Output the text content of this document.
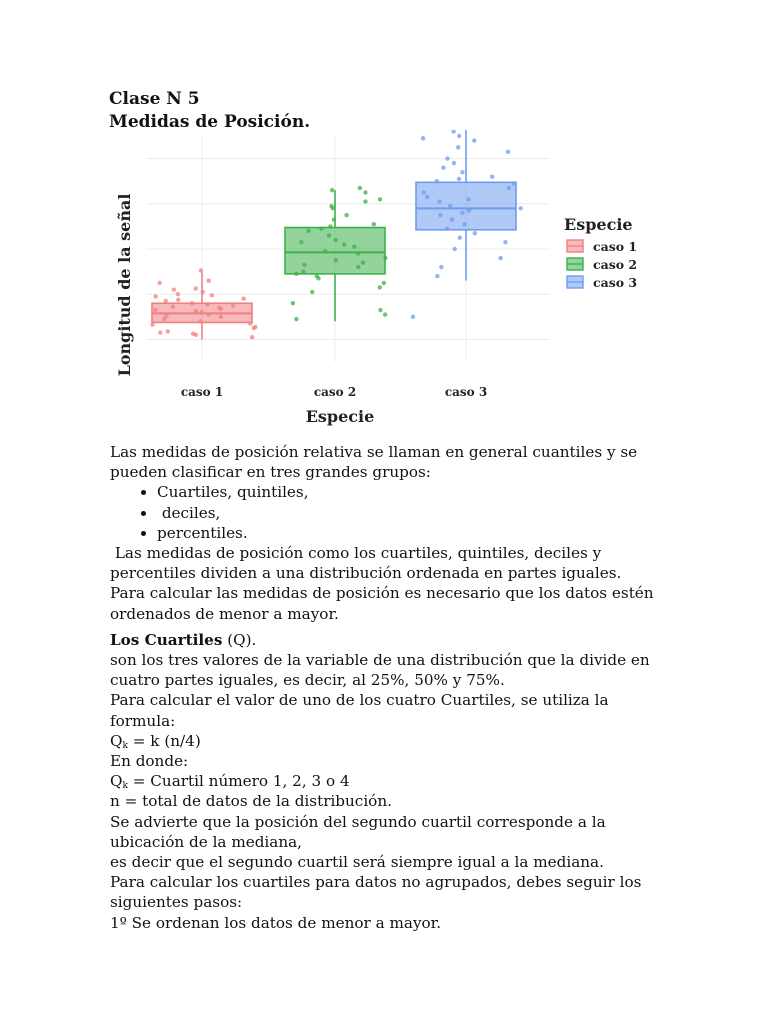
Clase N 5

Medidas de Posición.

caso 1	caso 2	caso 3
Especie
Longitud de la señal	Especie
caso 1
caso 2
caso 3

Las medidas de posición relativa se llaman en general cuantiles y se

pueden clasificar en tres grandes grupos:

• Cuartiles, quintiles,
•  deciles,
• percentiles.

Las medidas de posición como los cuartiles, quintiles, deciles y

percentiles dividen a una distribución ordenada en partes iguales.

Para calcular las medidas de posición es necesario que los datos estén

ordenados de menor a mayor.

Los Cuartiles (Q).

son los tres valores de la variable de una distribución que la divide en

cuatro partes iguales, es decir, al 25%, 50% y 75%.

Para calcular el valor de uno de los cuatro Cuartiles, se utiliza la

formula:

$Q_k = k$ (n/4)

En donde:

$Q_k$ = Cuartil número 1, 2, 3 o 4

n = total de datos de la distribución.

Se advierte que la posición del segundo cuartil corresponde a la

ubicación de la mediana,

es decir que el segundo cuartil será siempre igual a la mediana.

Para calcular los cuartiles para datos no agrupados, debes seguir los

siguientes pasos:

1º Se ordenan los datos de menor a mayor.
